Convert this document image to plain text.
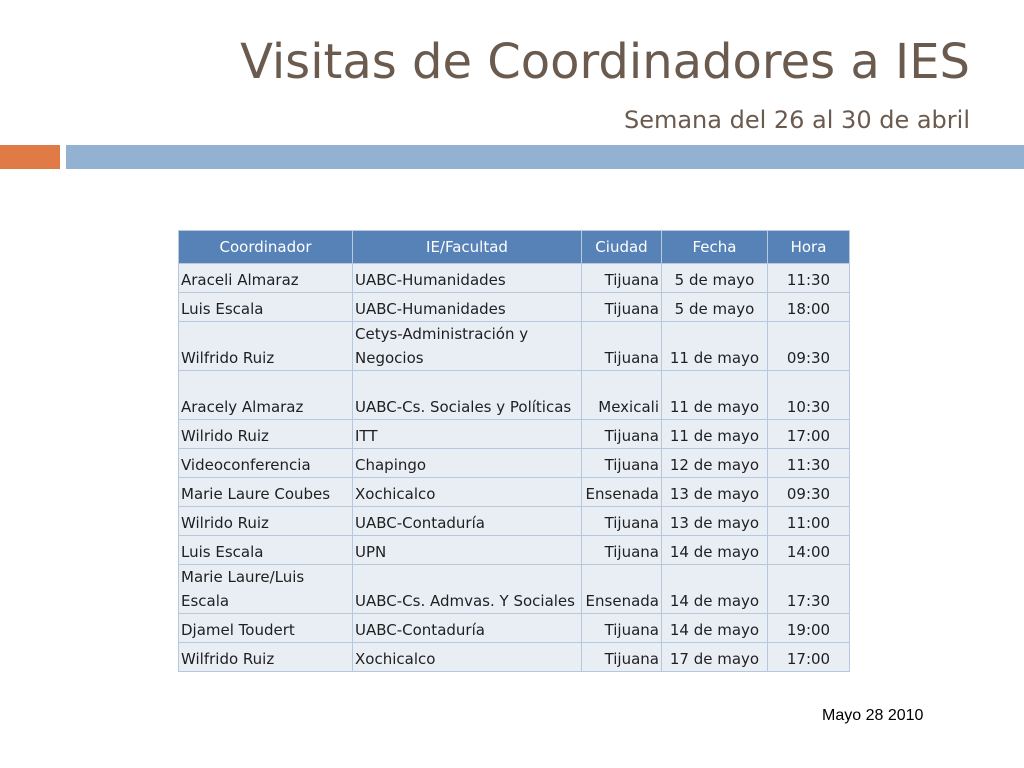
Visitas de Coordinadores a IES
Semana del 26 al 30 de abril
Coordinador	IE/Facultad	Ciudad	Fecha	Hora
Araceli Almaraz	UABC-Humanidades	Tijuana	5 de mayo	11:30
Luis Escala	UABC-Humanidades	Tijuana	5 de mayo	18:00
Wilfrido Ruiz	Cetys-Administración y Negocios	Tijuana	11 de mayo	09:30
Aracely Almaraz	UABC-Cs. Sociales y Políticas	Mexicali	11 de mayo	10:30
Wilrido Ruiz	ITT	Tijuana	11 de mayo	17:00
Videoconferencia	Chapingo	Tijuana	12 de mayo	11:30
Marie Laure Coubes	Xochicalco	Ensenada	13 de mayo	09:30
Wilrido Ruiz	UABC-Contaduría	Tijuana	13 de mayo	11:00
Luis Escala	UPN	Tijuana	14 de mayo	14:00
Marie Laure/Luis Escala	UABC-Cs. Admvas. Y Sociales	Ensenada	14 de mayo	17:30
Djamel Toudert	UABC-Contaduría	Tijuana	14 de mayo	19:00
Wilfrido Ruiz	Xochicalco	Tijuana	17 de mayo	17:00
Mayo 28 2010
